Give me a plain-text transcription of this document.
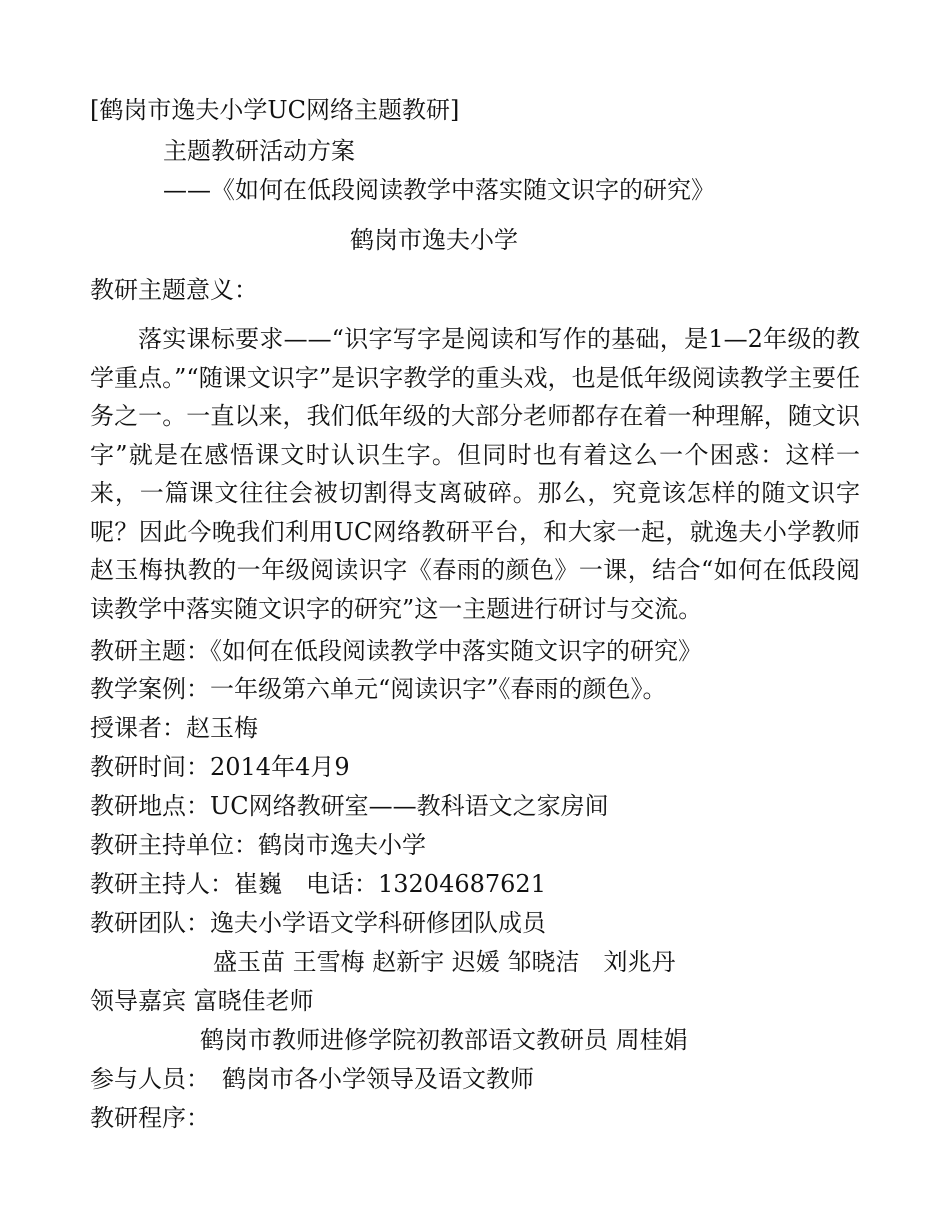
[鹤岗市逸夫小学UC网络主题教研]
主题教研活动方案
——《如何在低段阅读教学中落实随文识字的研究》
鹤岗市逸夫小学
教研主题意义：
落实课标要求——“识字写字是阅读和写作的基础，是1—2年级的教学重点。”“随课文识字”是识字教学的重头戏，也是低年级阅读教学主要任务之一。一直以来，我们低年级的大部分老师都存在着一种理解，随文识字”就是在感悟课文时认识生字。但同时也有着这么一个困惑：这样一来，一篇课文往往会被切割得支离破碎。那么，究竟该怎样的随文识字呢？因此今晚我们利用UC网络教研平台，和大家一起，就逸夫小学教师赵玉梅执教的一年级阅读识字《春雨的颜色》一课，结合“如何在低段阅读教学中落实随文识字的研究”这一主题进行研讨与交流。
教研主题：《如何在低段阅读教学中落实随文识字的研究》
教学案例：一年级第六单元“阅读识字”《春雨的颜色》。
授课者：赵玉梅
教研时间：2014年4月9
教研地点：UC网络教研室——教科语文之家房间
教研主持单位：鹤岗市逸夫小学
教研主持人：崔巍　电话：13204687621
教研团队：逸夫小学语文学科研修团队成员
盛玉苗 王雪梅 赵新宇 迟媛 邹晓洁　刘兆丹
领导嘉宾 富晓佳老师
鹤岗市教师进修学院初教部语文教研员 周桂娟
参与人员：　鹤岗市各小学领导及语文教师
教研程序：
